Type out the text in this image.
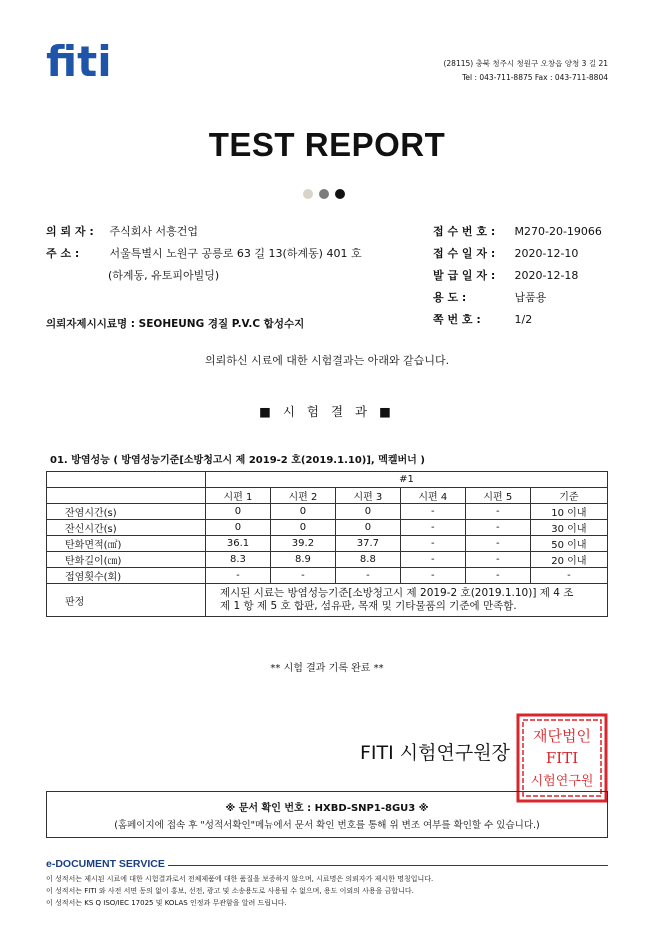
fiti	(28115) 충북 청주시 청원구 오창읍 양청 3 길 21
Tel : 043-711-8875 Fax : 043-711-8804
TEST REPORT
의 뢰 자 : 주식회사 서흥건업
주 소 :	서울특별시 노원구 공릉로 63 길 13(하계동) 401 호
(하계동, 유토피아빌딩)
접 수 번 호 : M270-20-19066
접 수 일 자 : 2020-12-10
발 급 일 자 : 2020-12-18
용 도 :	납품용
쪽 번 호 :	1/2
의뢰자제시시료명 : SEOHEUNG 경질 P.V.C 합성수지
의뢰하신 시료에 대한 시험결과는 아래와 같습니다.
■ 시 험 결 과 ■
01. 방염성능 ( 방염성능기준[소방청고시 제 2019-2 호(2019.1.10)], 멕켈버너 )
	#1					
	시편 1	시편 2	시편 3	시편 4	시편 5	기준
잔염시간(s)	0	0	0	-	-	10 이내
잔신시간(s)	0	0	0	-	-	30 이내
탄화면적(㎠)	36.1	39.2	37.7	-	-	50 이내
탄화길이(㎝)	8.3	8.9	8.8	-	-	20 이내
접염횟수(회)	-	-	-	-	-	-
판정	제시된 시료는 방염성능기준[소방청고시 제 2019-2 호(2019.1.10)] 제 4 조
제 1 항 제 5 호 합판, 섬유판, 목재 및 기타물품의 기준에 만족함.					
** 시험 결과 기록 완료 **
재단법인
FITI
시험연구원
FITI 시험연구원장
※ 문서 확인 번호 : HXBD-SNP1-8GU3 ※
(홈페이지에 접속 후 "성적서확인"메뉴에서 문서 확인 번호를 통해 위 변조 여부를 확인할 수 있습니다.)
e-DOCUMENT SERVICE
이 성적서는 제시된 시료에 대한 시험결과로서 전체제품에 대한 품질을 보증하지 않으며, 시료명은 의뢰자가 제시한 명칭입니다.
이 성적서는 FITI 와 사전 서면 동의 없이 홍보, 선전, 광고 및 소송용도로 사용될 수 없으며, 용도 이외의 사용을 금합니다.
이 성적서는 KS Q ISO/IEC 17025 및 KOLAS 인정과 무관함을 알려 드립니다.
